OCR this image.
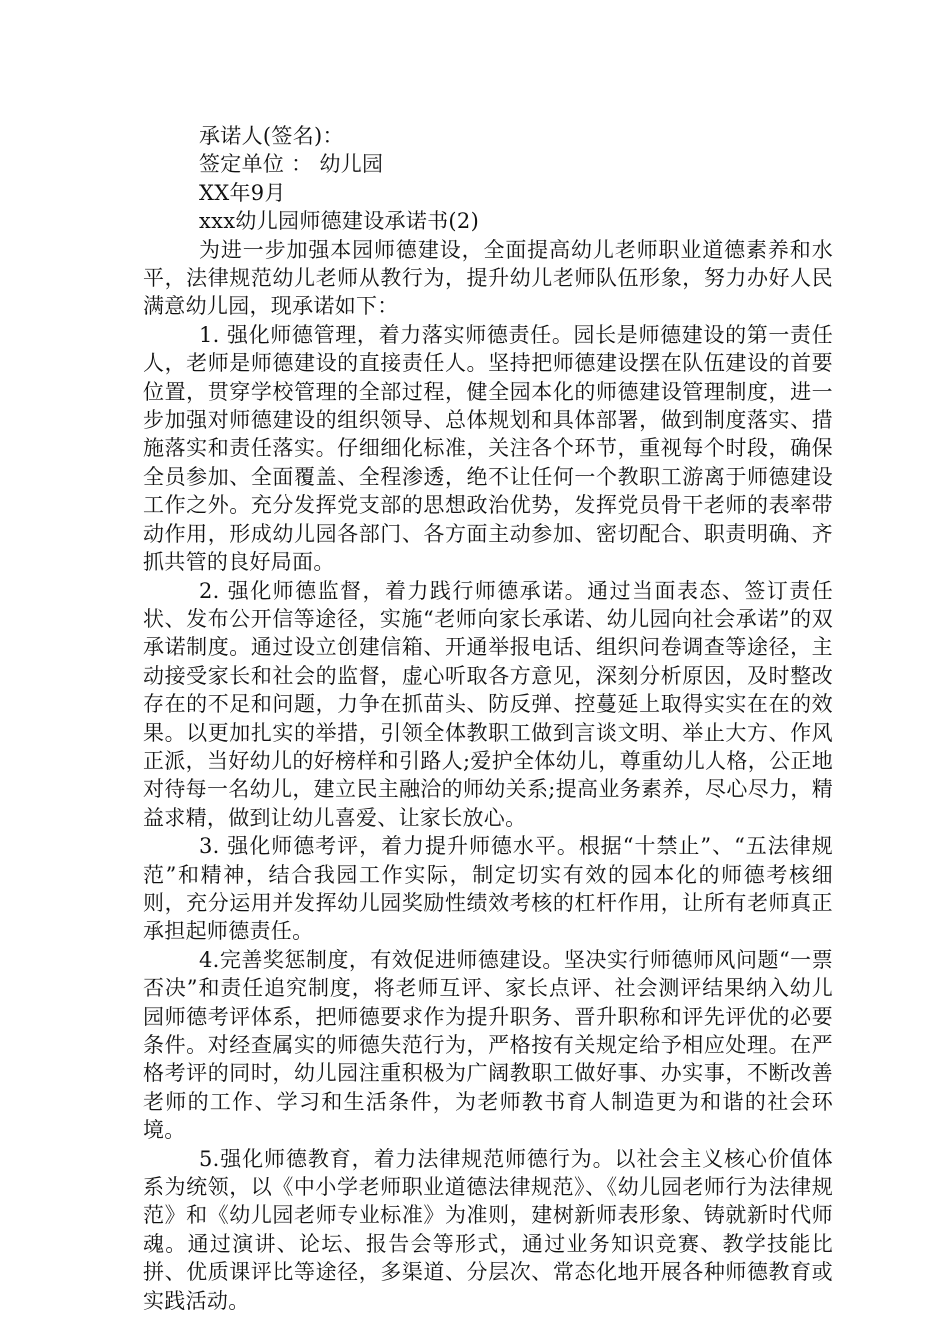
承诺人(签名)：

签定单位 ： 幼儿园

XX年9月

xxx幼儿园师德建设承诺书(2)

为进一步加强本园师德建设，全面提高幼儿老师职业道德素养和水平，法律规范幼儿老师从教行为，提升幼儿老师队伍形象，努力办好人民满意幼儿园，现承诺如下：

1. 强化师德管理，着力落实师德责任。园长是师德建设的第一责任人，老师是师德建设的直接责任人。坚持把师德建设摆在队伍建设的首要位置，贯穿学校管理的全部过程，健全园本化的师德建设管理制度，进一步加强对师德建设的组织领导、总体规划和具体部署，做到制度落实、措施落实和责任落实。仔细细化标准，关注各个环节，重视每个时段，确保全员参加、全面覆盖、全程渗透，绝不让任何一个教职工游离于师德建设工作之外。充分发挥党支部的思想政治优势，发挥党员骨干老师的表率带动作用，形成幼儿园各部门、各方面主动参加、密切配合、职责明确、齐抓共管的良好局面。

2. 强化师德监督，着力践行师德承诺。通过当面表态、签订责任状、发布公开信等途径，实施“老师向家长承诺、幼儿园向社会承诺”的双承诺制度。通过设立创建信箱、开通举报电话、组织问卷调查等途径，主动接受家长和社会的监督，虚心听取各方意见，深刻分析原因，及时整改存在的不足和问题，力争在抓苗头、防反弹、控蔓延上取得实实在在的效果。以更加扎实的举措，引领全体教职工做到言谈文明、举止大方、作风正派，当好幼儿的好榜样和引路人;爱护全体幼儿，尊重幼儿人格，公正地对待每一名幼儿，建立民主融洽的师幼关系;提高业务素养，尽心尽力，精益求精，做到让幼儿喜爱、让家长放心。

3. 强化师德考评，着力提升师德水平。根据“十禁止”、“五法律规范”和精神，结合我园工作实际，制定切实有效的园本化的师德考核细则，充分运用并发挥幼儿园奖励性绩效考核的杠杆作用，让所有老师真正承担起师德责任。

4.完善奖惩制度，有效促进师德建设。坚决实行师德师风问题“一票否决”和责任追究制度，将老师互评、家长点评、社会测评结果纳入幼儿园师德考评体系，把师德要求作为提升职务、晋升职称和评先评优的必要条件。对经查属实的师德失范行为，严格按有关规定给予相应处理。在严格考评的同时，幼儿园注重积极为广阔教职工做好事、办实事，不断改善老师的工作、学习和生活条件，为老师教书育人制造更为和谐的社会环境。

5.强化师德教育，着力法律规范师德行为。以社会主义核心价值体系为统领，以《中小学老师职业道德法律规范》、《幼儿园老师行为法律规范》和《幼儿园老师专业标准》为准则，建树新师表形象、铸就新时代师魂。通过演讲、论坛、报告会等形式，通过业务知识竞赛、教学技能比拼、优质课评比等途径，多渠道、分层次、常态化地开展各种师德教育或实践活动。
